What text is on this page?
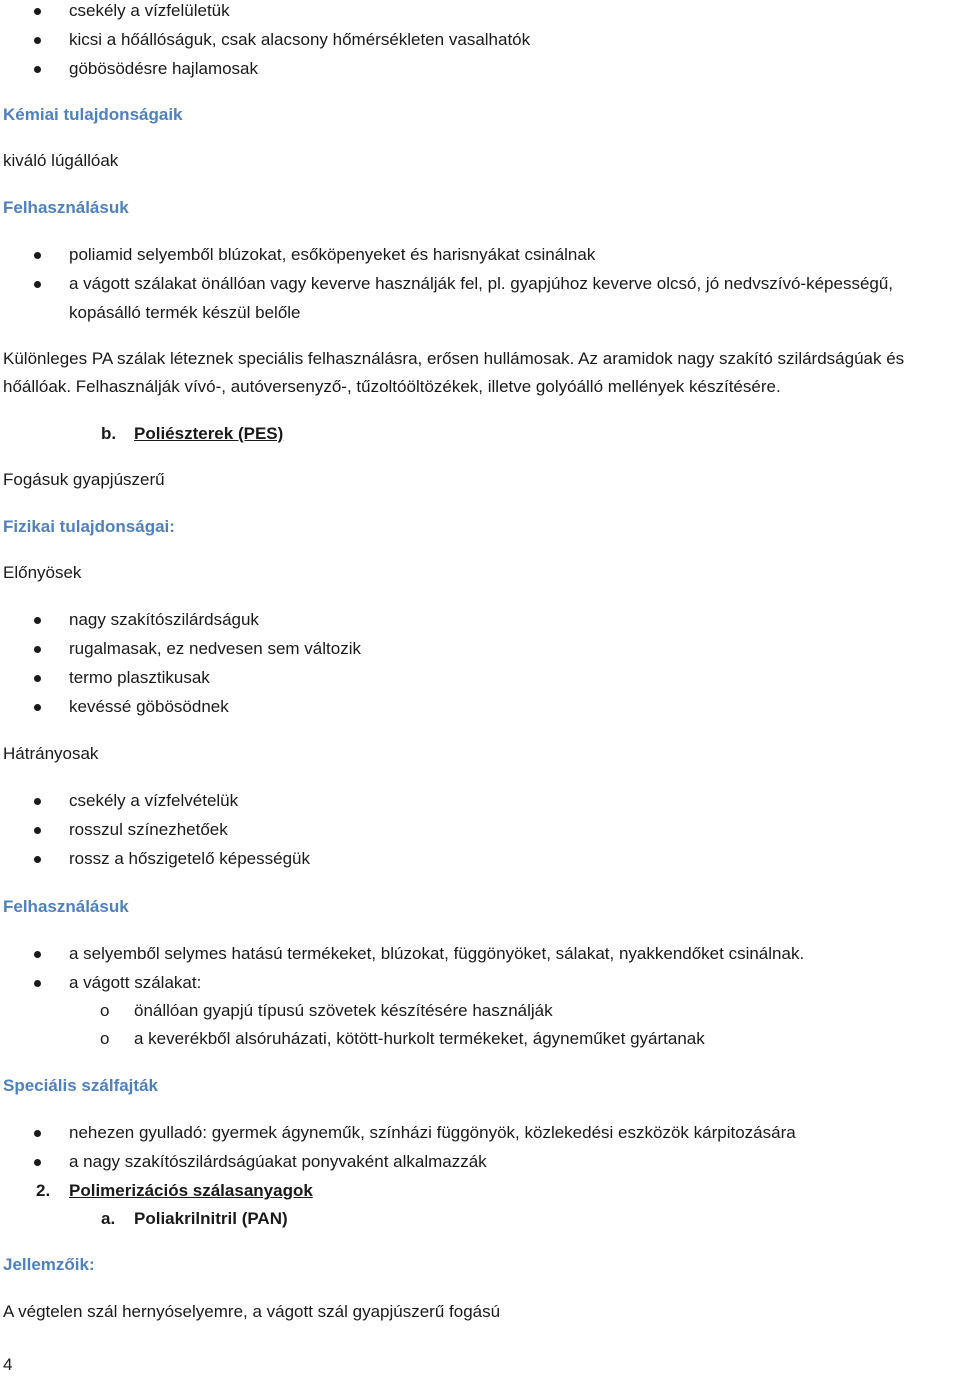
csekély a vízfelületük
kicsi a hőállóságuk, csak alacsony hőmérsékleten vasalhatók
göbösödésre hajlamosak
Kémiai tulajdonságaik
kiváló lúgállóak
Felhasználásuk
poliamid selyemből blúzokat, esőköpenyeket és harisnyákat csinálnak
a vágott szálakat önállóan vagy keverve használják fel, pl. gyapjúhoz keverve olcsó, jó nedvszívó-képességű,
kopásálló termék készül belőle
Különleges PA szálak léteznek speciális felhasználásra, erősen hullámosak. Az aramidok nagy szakító szilárdságúak és
hőállóak. Felhasználják vívó-, autóversenyző-, tűzoltóöltözékek, illetve golyóálló mellények készítésére.
b. Poliészterek (PES)
Fogásuk gyapjúszerű
Fizikai tulajdonságai:
Előnyösek
nagy szakítószilárdságuk
rugalmasak, ez nedvesen sem változik
termo plasztikusak
kevéssé göbösödnek
Hátrányosak
csekély a vízfelvételük
rosszul színezhetőek
rossz a hőszigetelő képességük
Felhasználásuk
a selyemből selymes hatású termékeket, blúzokat, függönyöket, sálakat, nyakkendőket csinálnak.
a vágott szálakat:
o önállóan gyapjú típusú szövetek készítésére használják
o a keverékből alsóruházati, kötött-hurkolt termékeket, ágyneműket gyártanak
Speciális szálfajták
nehezen gyulladó: gyermek ágyneműk, színházi függönyök, közlekedési eszközök kárpitozására
a nagy szakítószilárdságúakat ponyvaként alkalmazzák
2. Polimerizációs szálasanyagok
a. Poliakrilnitril (PAN)
Jellemzőik:
A végtelen szál hernyóselyemre, a vágott szál gyapjúszerű fogású
4
